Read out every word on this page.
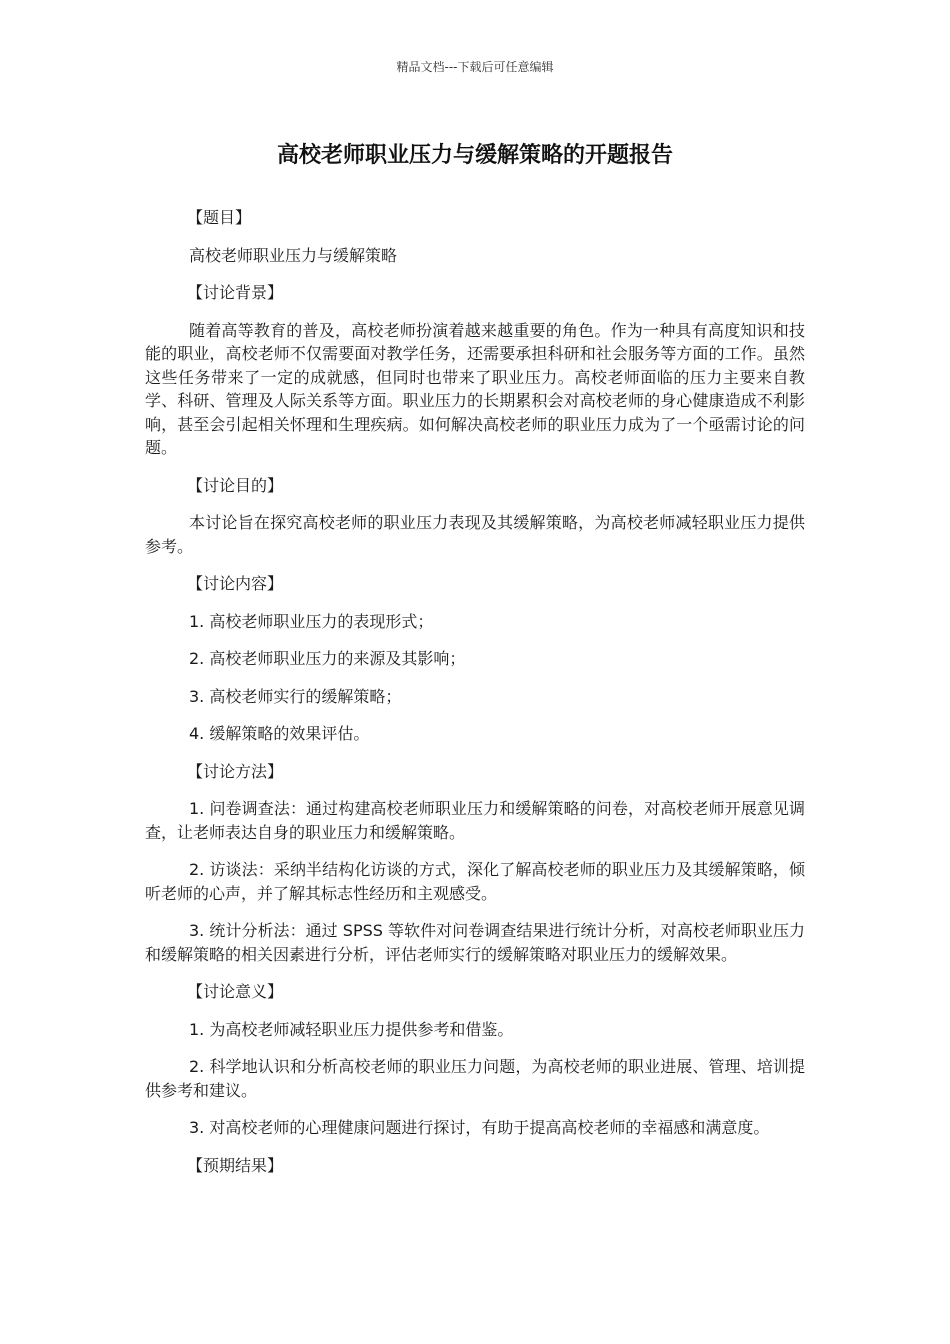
精品文档---下载后可任意编辑
高校老师职业压力与缓解策略的开题报告
【题目】
高校老师职业压力与缓解策略
【讨论背景】
随着高等教育的普及，高校老师扮演着越来越重要的角色。作为一种具有高度知识和技能的职业，高校老师不仅需要面对教学任务，还需要承担科研和社会服务等方面的工作。虽然这些任务带来了一定的成就感，但同时也带来了职业压力。高校老师面临的压力主要来自教学、科研、管理及人际关系等方面。职业压力的长期累积会对高校老师的身心健康造成不利影响，甚至会引起相关怀理和生理疾病。如何解决高校老师的职业压力成为了一个亟需讨论的问题。
【讨论目的】
本讨论旨在探究高校老师的职业压力表现及其缓解策略，为高校老师减轻职业压力提供参考。
【讨论内容】
1. 高校老师职业压力的表现形式；
2. 高校老师职业压力的来源及其影响；
3. 高校老师实行的缓解策略；
4. 缓解策略的效果评估。
【讨论方法】
1. 问卷调查法：通过构建高校老师职业压力和缓解策略的问卷，对高校老师开展意见调查，让老师表达自身的职业压力和缓解策略。
2. 访谈法：采纳半结构化访谈的方式，深化了解高校老师的职业压力及其缓解策略，倾听老师的心声，并了解其标志性经历和主观感受。
3. 统计分析法：通过 SPSS 等软件对问卷调查结果进行统计分析，对高校老师职业压力和缓解策略的相关因素进行分析，评估老师实行的缓解策略对职业压力的缓解效果。
【讨论意义】
1. 为高校老师减轻职业压力提供参考和借鉴。
2. 科学地认识和分析高校老师的职业压力问题，为高校老师的职业进展、管理、培训提供参考和建议。
3. 对高校老师的心理健康问题进行探讨，有助于提高高校老师的幸福感和满意度。
【预期结果】
